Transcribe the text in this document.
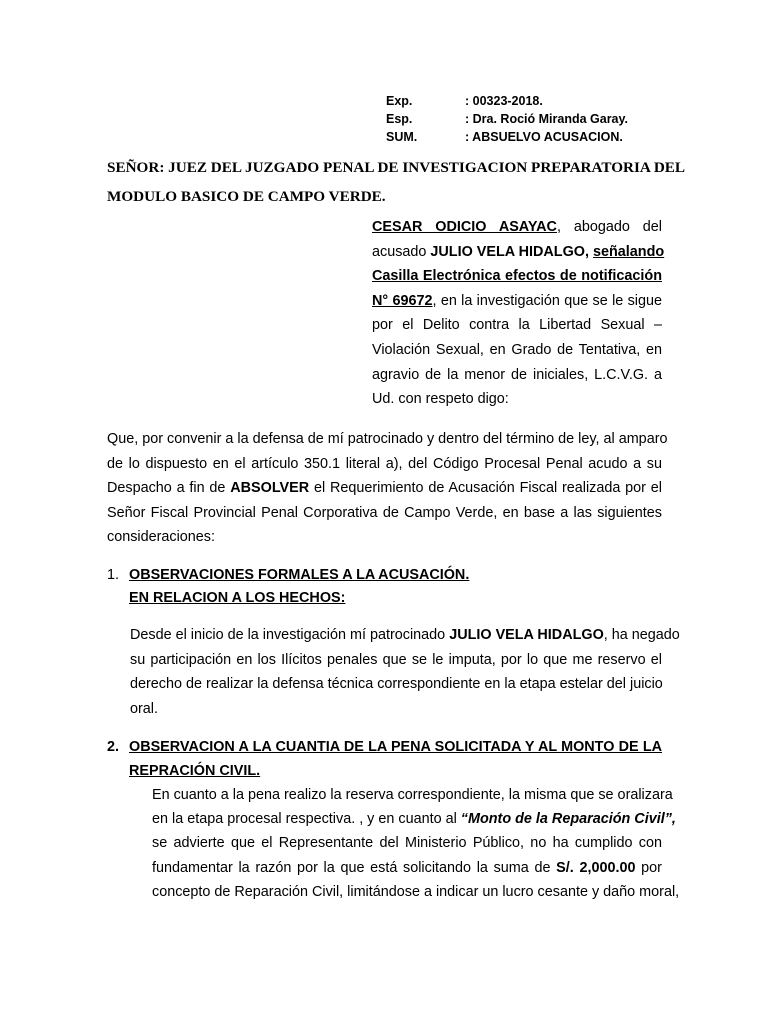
Exp.	: 00323-2018.
Esp.	: Dra. Roció Miranda Garay.
SUM.	: ABSUELVO ACUSACION.
SEÑOR: JUEZ DEL JUZGADO PENAL DE INVESTIGACION PREPARATORIA DEL
MODULO BASICO DE CAMPO VERDE.
CESAR ODICIO ASAYAC, abogado del
acusado JULIO VELA HIDALGO, señalando
Casilla Electrónica efectos de notificación
N° 69672, en la investigación que se le sigue
por el Delito contra la Libertad Sexual –
Violación Sexual, en Grado de Tentativa, en
agravio de la menor de iniciales, L.C.V.G. a
Ud. con respeto digo:
Que, por convenir a la defensa de mí patrocinado y dentro del término de ley, al amparo
de lo dispuesto en el artículo 350.1 literal a), del Código Procesal Penal acudo a su
Despacho a fin de ABSOLVER el Requerimiento de Acusación Fiscal realizada por el
Señor Fiscal Provincial Penal Corporativa de Campo Verde, en base a las siguientes
consideraciones:
1. OBSERVACIONES FORMALES A LA ACUSACIÓN.
EN RELACION A LOS HECHOS:
Desde el inicio de la investigación mí patrocinado JULIO VELA HIDALGO, ha negado
su participación en los Ilícitos penales que se le imputa, por lo que me reservo el
derecho de realizar la defensa técnica correspondiente en la etapa estelar del juicio
oral.
2. OBSERVACION A LA CUANTIA DE LA PENA SOLICITADA Y AL MONTO DE LA
REPRACIÓN CIVIL.
En cuanto a la pena realizo la reserva correspondiente, la misma que se oralizara
en la etapa procesal respectiva. , y en cuanto al “Monto de la Reparación Civil”,
se advierte que el Representante del Ministerio Público, no ha cumplido con
fundamentar la razón por la que está solicitando la suma de S/. 2,000.00 por
concepto de Reparación Civil, limitándose a indicar un lucro cesante y daño moral,
